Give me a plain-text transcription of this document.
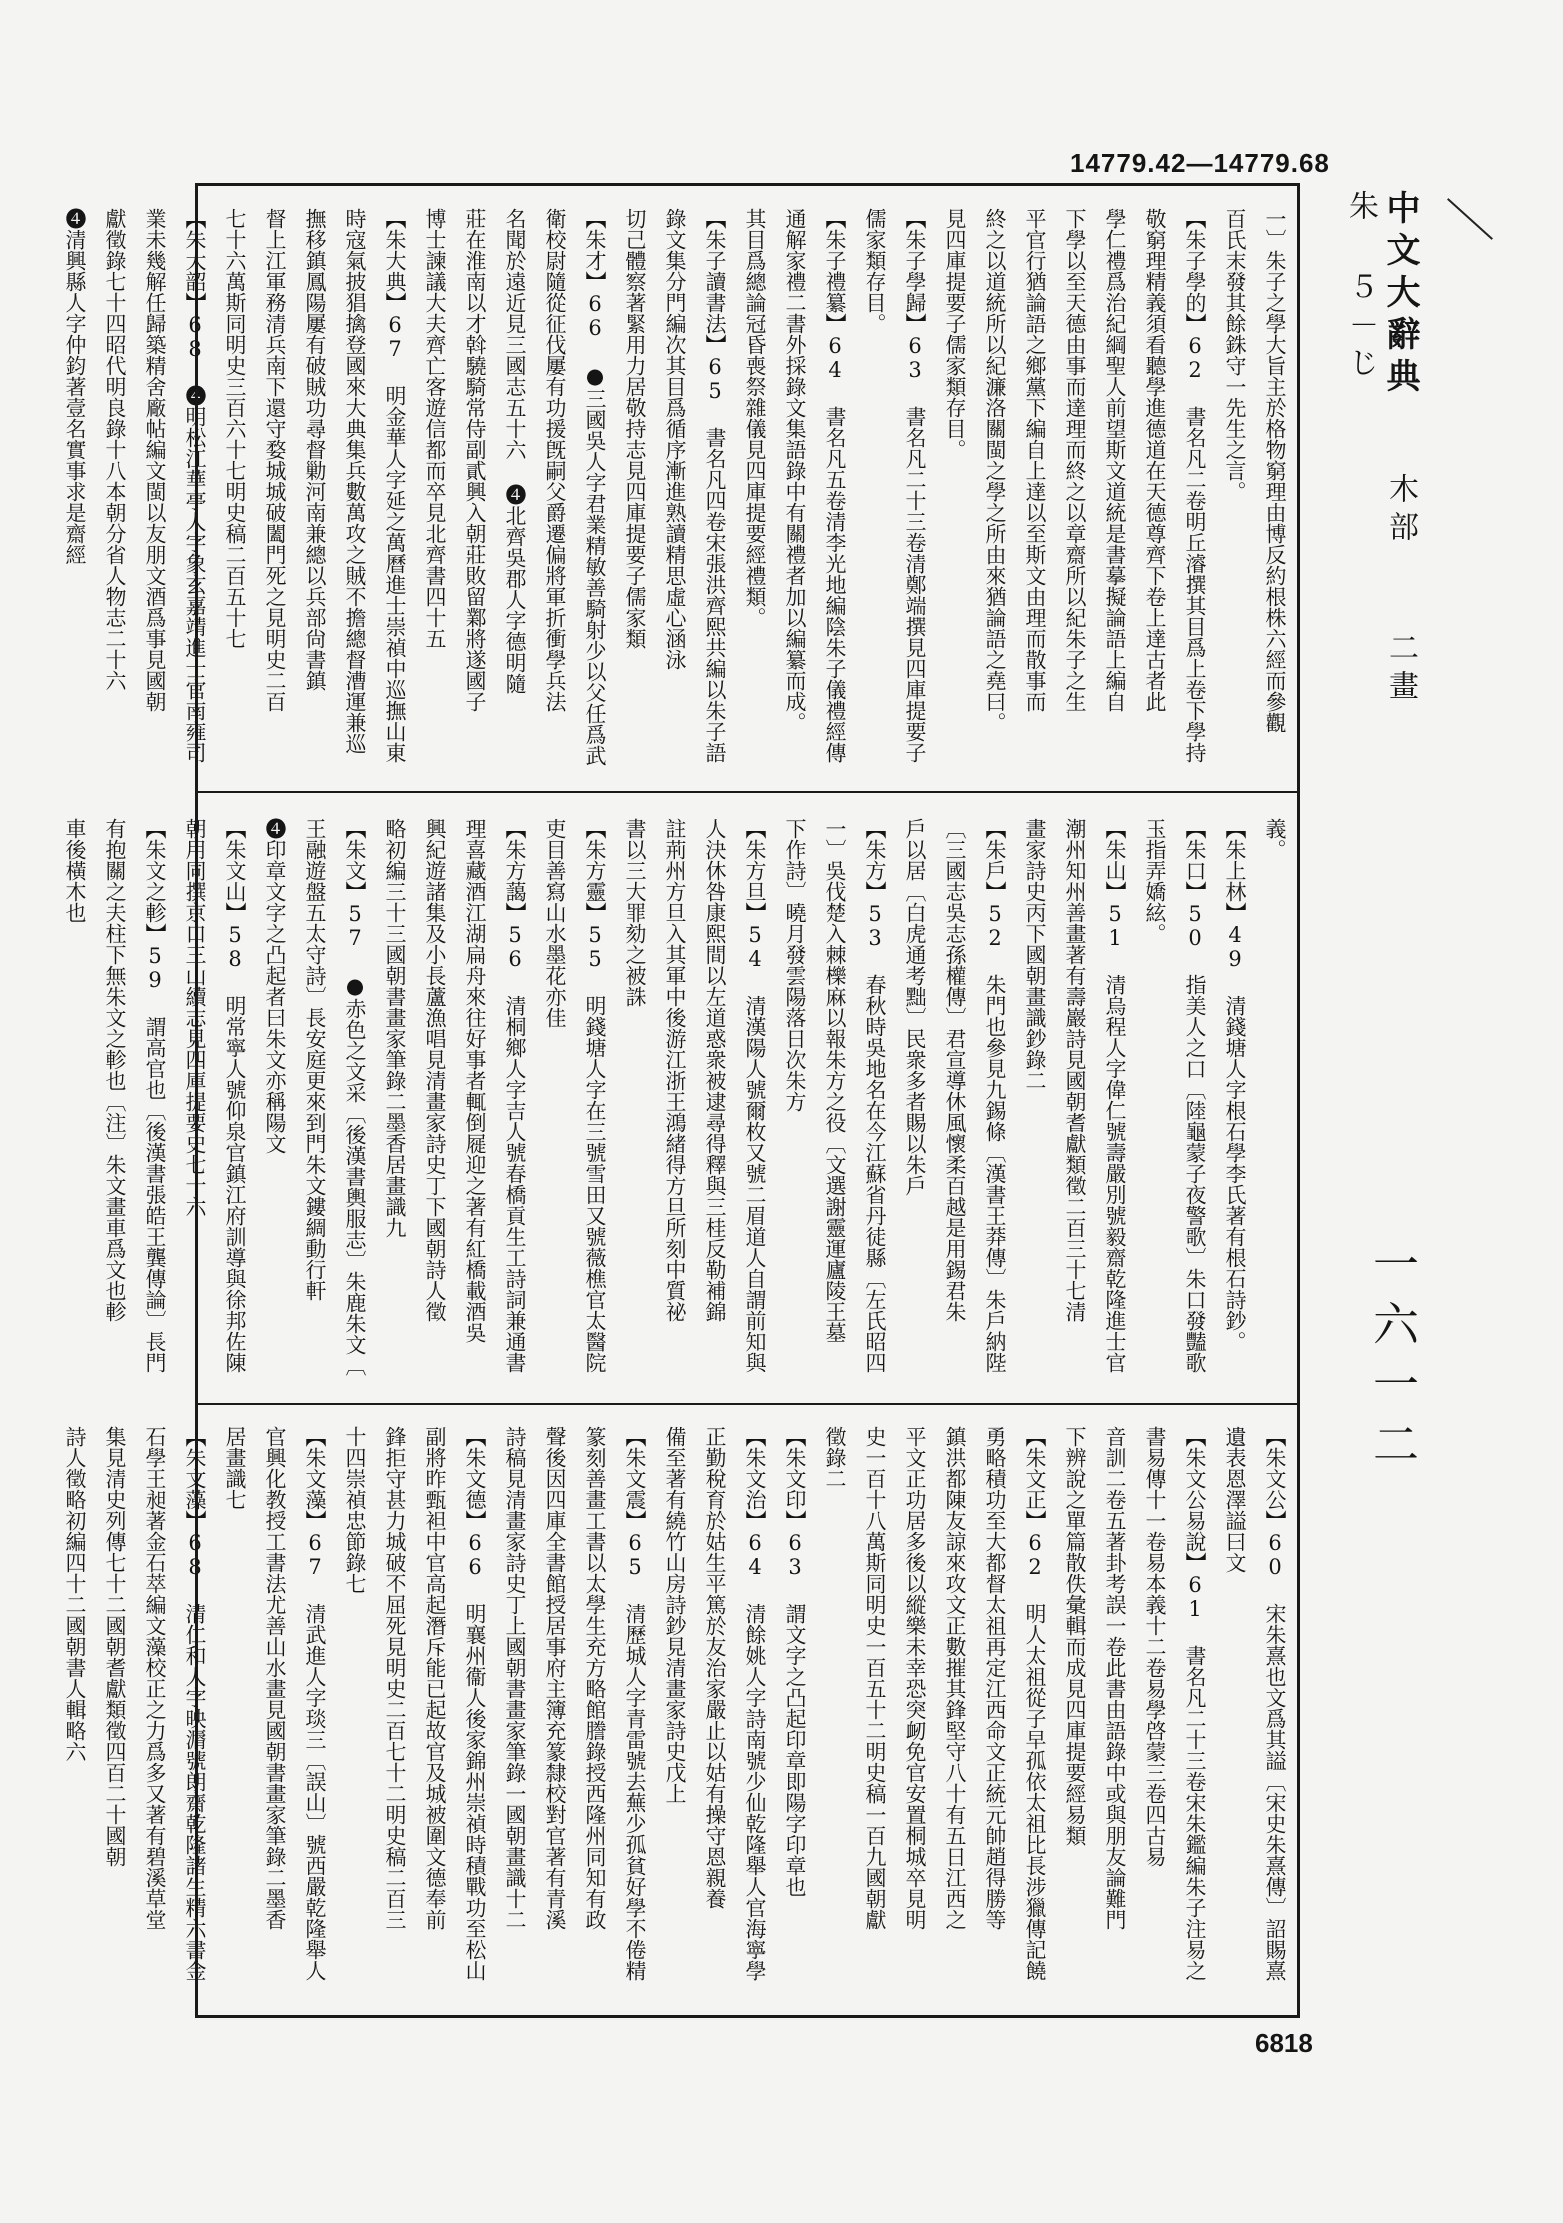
14779.42—14779.68
中文大辭典 木部 二畫 朱 ５－じ
一六一二
一〕朱子之學大旨主於格物窮理由博反約根株六經而參觀
百氏末發其餘銖守一先生之言。
【朱子學的】62 書名凡二卷明丘濬撰其目爲上卷下學持
敬窮理精義須看聽學進德道在天德尊齊下卷上達古者此
學仁禮爲治紀綱聖人前望斯文道統是書摹擬論語上編自
下學以至天德由事而達理而終之以章齋所以紀朱子之生
平官行猶論語之鄉黨下編自上達以至斯文由理而散事而
終之以道統所以紀濂洛關閩之學之所由來猶論語之堯曰。
見四庫提要子儒家類存目。
【朱子學歸】63 書名凡二十三卷清鄭端撰見四庫提要子
儒家類存目。
【朱子禮纂】64 書名凡五卷清李光地編陰朱子儀禮經傳
通解家禮二書外採錄文集語錄中有關禮者加以編纂而成。
其目爲總論冠昏喪祭雜儀見四庫提要經禮類。
【朱子讀書法】65 書名凡四卷宋張洪齊熙共編以朱子語
錄文集分門編次其目爲循序漸進熟讀精思虛心涵泳
切己體察著緊用力居敬持志見四庫提要子儒家類
【朱才】66 ●三國吳人字君業精敏善騎射少以父任爲武
衛校尉隨從征伐屢有功援旣嗣父爵遷偏將軍折衝學兵法
名聞於遠近見三國志五十六 ❹北齊吳郡人字德明隨
莊在淮南以才斡驍騎常侍副貳興入朝莊敗留鄴將遂國子
博士諫議大夫齊亡客遊信都而卒見北齊書四十五
【朱大典】67 明金華人字延之萬曆進士崇禎中巡撫山東
時寇氣披猖擒登國來大典集兵數萬攻之賊不擔總督漕運兼巡
撫移鎮鳳陽屢有破賊功尋督勦河南兼總以兵部尙書鎮
督上江軍務清兵南下還守婺城城破闔門死之見明史二百
七十六萬斯同明史三百六十七明史稿二百五十七
【朱大韶】68 ❹明松江華亭人字象玄嘉靖進士官南雍司
業未幾解任歸築精舍廠帖編文閩以友朋文酒爲事見國朝
獻徵錄七十四昭代明良錄十八本朝分省人物志二十六
❹清興縣人字仲鈞著壹名實事求是齋經
義。
【朱上林】49 清錢塘人字根石學李氏著有根石詩鈔。
【朱口】50 指美人之口〔陸龜蒙子夜警歌〕朱口發豔歌
玉指弄嬌絃。
【朱山】51 清烏程人字偉仁號壽嚴別號毅齋乾隆進士官
潮州知州善畫著有壽巖詩見國朝耆獻類徵二百三十七清
畫家詩史丙下國朝畫識鈔錄二
【朱戶】52 朱門也參見九錫條〔漢書王莽傳〕朱戶納陛
〔三國志吳志孫權傳〕君宣導休風懷柔百越是用錫君朱
戶以居〔白虎通考黜〕民衆多者賜以朱戶
【朱方】53 春秋時吳地名在今江蘇省丹徒縣〔左氏昭四
一〕吳伐楚入棘櫟麻以報朱方之役〔文選謝靈運廬陵王墓
下作詩〕曉月發雲陽落日次朱方
【朱方旦】54 清漢陽人號爾枚又號二眉道人自謂前知與
人決休咎康熙間以左道惑衆被逮尋得釋與三桂反勒補錦
註荊州方旦入其軍中後游江浙王鴻緒得方旦所刻中質祕
書以三大罪劾之被誅
【朱方靈】55 明錢塘人字在三號雪田又號薇樵官太醫院
吏目善寫山水墨花亦佳
【朱方藹】56 清桐鄉人字吉人號春橋貢生工詩詞兼通書
理喜藏酒江湖扁舟來往好事者輒倒屣迎之著有紅橋載酒吳
興紀遊諸集及小長蘆漁唱見清畫家詩史丁下國朝詩人徵
略初編三十三國朝書畫家筆錄二墨香居畫識九
【朱文】57 ●赤色之文采〔後漢書輿服志〕朱鹿朱文〔
王融遊盤五太守詩〕長安庭更來到門朱文鏤綢動行軒
❹印章文字之凸起者曰朱文亦稱陽文
【朱文山】58 明常寧人號仰泉官鎮江府訓導與徐邦佐陳
朝用同撰京口三山續志見四庫提要史七十六
【朱文之軫】59 謂高官也〔後漢書張皓王龔傳論〕長門
有抱關之夫柱下無朱文之軫也〔注〕朱文畫車爲文也軫
車後橫木也
【朱文公】60 宋朱熹也文爲其謚〔宋史朱熹傳〕詔賜熹
遺表恩澤謚曰文
【朱文公易說】61 書名凡二十三卷宋朱鑑編朱子注易之
書易傳十一卷易本義十二卷易學啓蒙三卷四古易
音訓二卷五著卦考誤一卷此書由語錄中或與朋友論難門
下辨說之單篇散佚彙輯而成見四庫提要經易類
【朱文正】62 明人太祖從子早孤依太祖比長涉獵傳記饒
勇略積功至大都督太祖再定江西命文正統元帥趙得勝等
鎮洪都陳友諒來攻文正數摧其鋒堅守八十有五日江西之
平文正功居多後以縱樂未幸恐突衂免官安置桐城卒見明
史一百十八萬斯同明史一百五十二明史稿一百九國朝獻
徵錄二
【朱文印】63 謂文字之凸起印章即陽字印章也
【朱文治】64 清餘姚人字詩南號少仙乾隆舉人官海寧學
正勤稅育於姑生平篤於友治家嚴止以姑有操守恩親養
備至著有繞竹山房詩鈔見清畫家詩史戊上
【朱文震】65 清歷城人字青雷號去蕪少孤貧好學不倦精
篆刻善畫工書以太學生充方略館謄錄授西隆州同知有政
聲後因四庫全書館授居事府主簿充篆隸校對官著有青溪
詩稿見清畫家詩史丁上國朝書畫家筆錄一國朝畫識十二
【朱文德】66 明襄州衞人後家錦州崇禎時積戰功至松山
副將昨甄袒中官高起潛斥能已起故官及城被圍文德奉前
鋒拒守甚力城破不屈死見明史二百七十二明史稿二百三
十四崇禎忠節錄七
【朱文藻】67 清武進人字琰三〔誤山〕號西嚴乾隆舉人
官興化教授工書法尤善山水畫見國朝書畫家筆錄二墨香
居畫識七
【朱文藻】68 清仁和人字映漘號朗齋乾隆諸生精六書金
石學王昶著金石萃編文藻校正之力爲多又著有碧溪草堂
集見清史列傳七十二國朝耆獻類徵四百二十國朝
詩人徵略初編四十二國朝書人輯略六
6818
